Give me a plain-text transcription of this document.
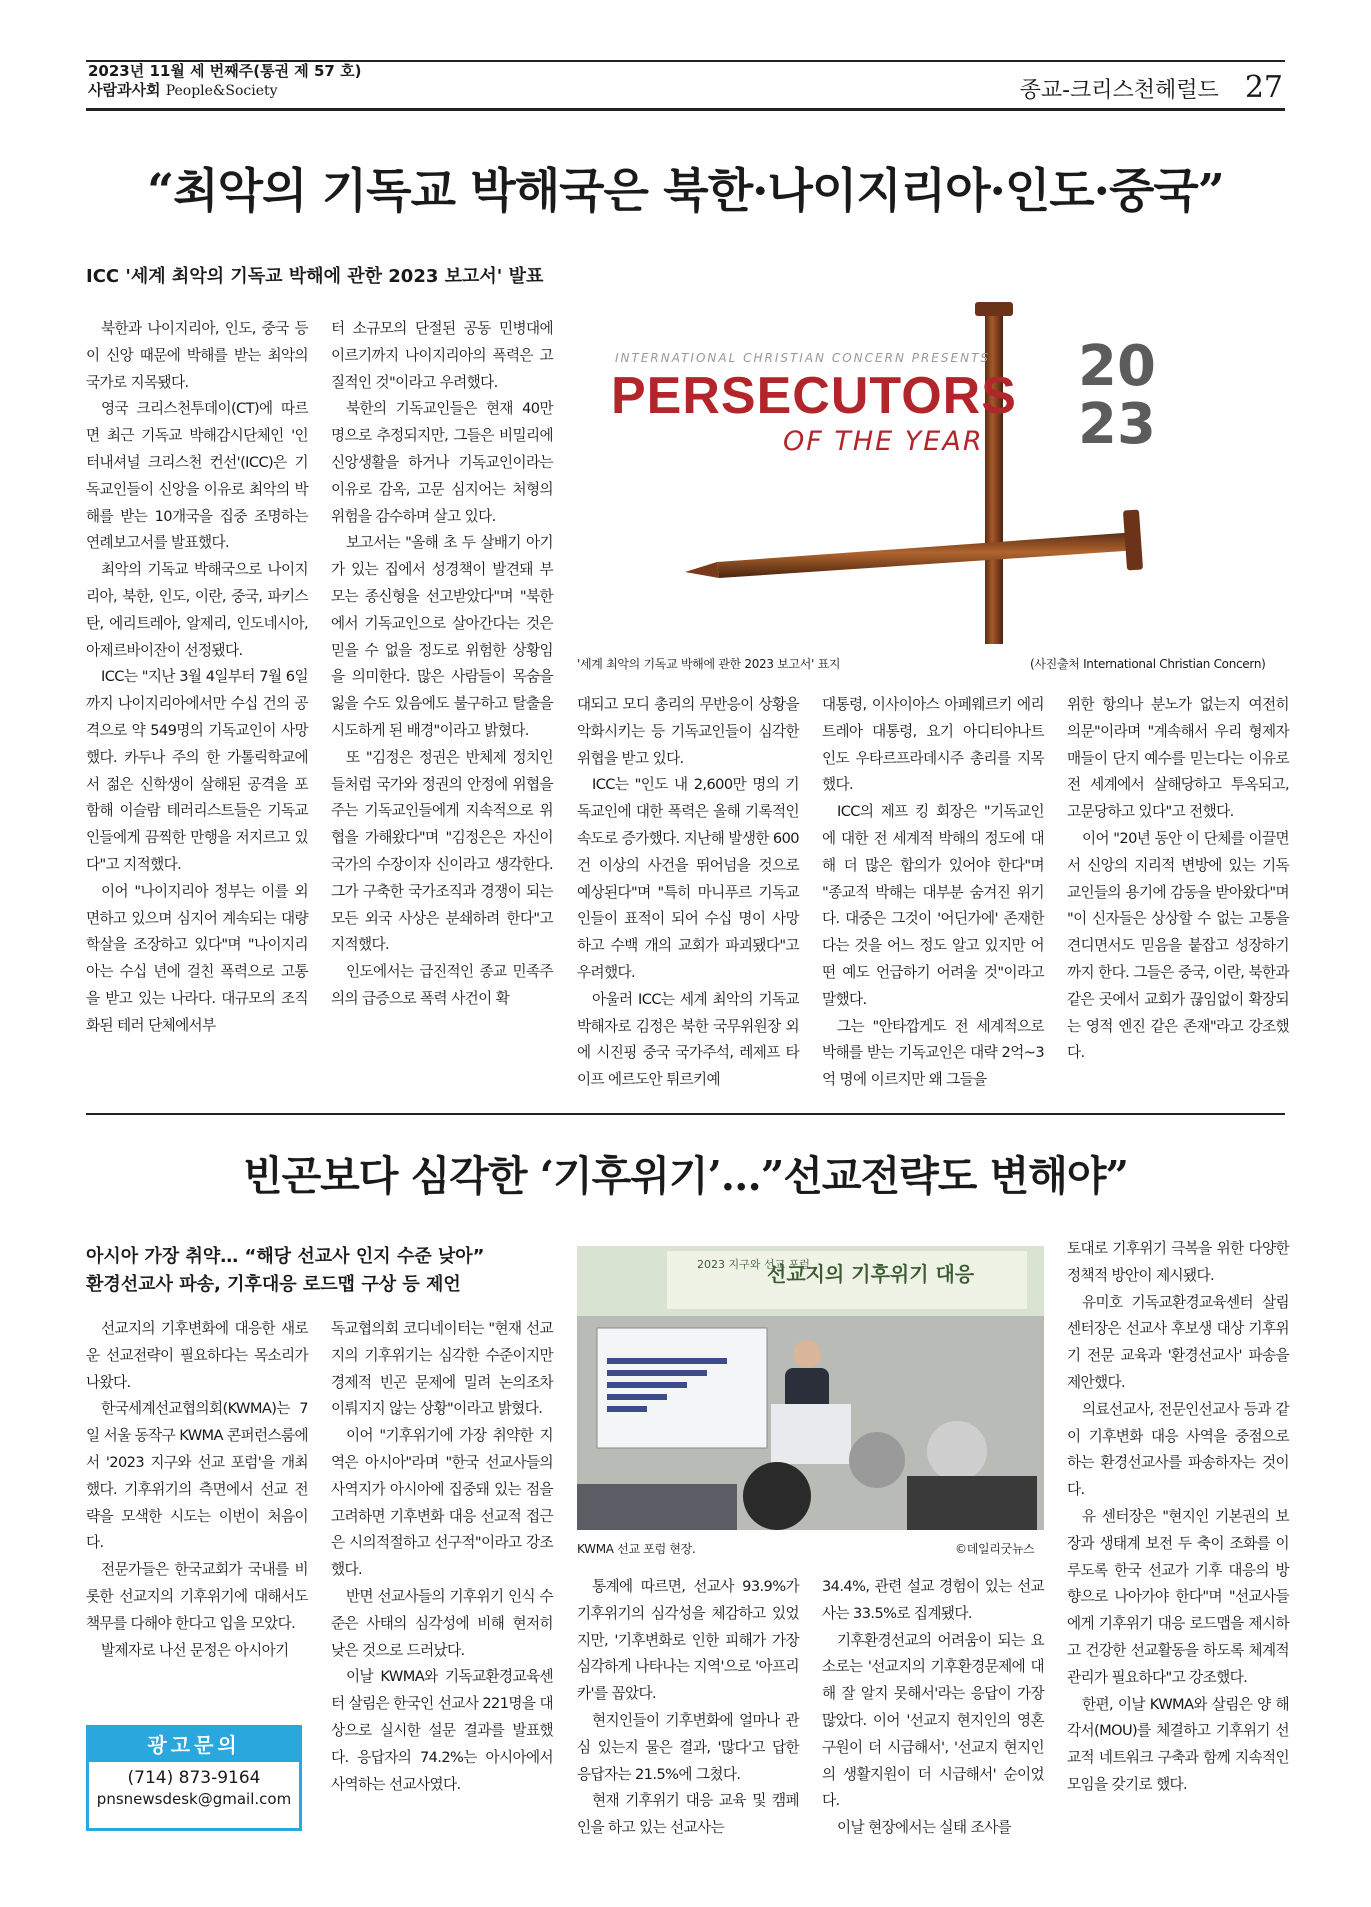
2023년 11월 세 번째주(통권 제 57 호)
사람과사회 People&Society	종교-크리스천헤럴드 27
“최악의 기독교 박해국은 북한·나이지리아·인도·중국”
ICC '세계 최악의 기독교 박해에 관한 2023 보고서' 발표

북한과 나이지리아, 인도, 중국 등이 신앙 때문에 박해를 받는 최악의 국가로 지목됐다.

영국 크리스천투데이(CT)에 따르면 최근 기독교 박해감시단체인 '인터내셔널 크리스천 컨선'(ICC)은 기독교인들이 신앙을 이유로 최악의 박해를 받는 10개국을 집중 조명하는 연례보고서를 발표했다.

최악의 기독교 박해국으로 나이지리아, 북한, 인도, 이란, 중국, 파키스탄, 에리트레아, 알제리, 인도네시아, 아제르바이잔이 선정됐다.

ICC는 "지난 3월 4일부터 7월 6일까지 나이지리아에서만 수십 건의 공격으로 약 549명의 기독교인이 사망했다. 카두나 주의 한 가톨릭학교에서 젊은 신학생이 살해된 공격을 포함해 이슬람 테러리스트들은 기독교인들에게 끔찍한 만행을 저지르고 있다"고 지적했다.

이어 "나이지리아 정부는 이를 외면하고 있으며 심지어 계속되는 대량학살을 조장하고 있다"며 "나이지리아는 수십 년에 걸친 폭력으로 고통을 받고 있는 나라다. 대규모의 조직화된 테러 단체에서부

터 소규모의 단절된 공동 민병대에 이르기까지 나이지리아의 폭력은 고질적인 것"이라고 우려했다.

북한의 기독교인들은 현재 40만 명으로 추정되지만, 그들은 비밀리에 신앙생활을 하거나 기독교인이라는 이유로 감옥, 고문 심지어는 처형의 위험을 감수하며 살고 있다.

보고서는 "올해 초 두 살배기 아기가 있는 집에서 성경책이 발견돼 부모는 종신형을 선고받았다"며 "북한에서 기독교인으로 살아간다는 것은 믿을 수 없을 정도로 위험한 상황임을 의미한다. 많은 사람들이 목숨을 잃을 수도 있음에도 불구하고 탈출을 시도하게 된 배경"이라고 밝혔다.

또 "김정은 정권은 반체제 정치인들처럼 국가와 정권의 안정에 위협을 주는 기독교인들에게 지속적으로 위협을 가해왔다"며 "김정은은 자신이 국가의 수장이자 신이라고 생각한다. 그가 구축한 국가조직과 경쟁이 되는 모든 외국 사상은 분쇄하려 한다"고 지적했다.

인도에서는 급진적인 종교 민족주의의 급증으로 폭력 사건이 확

INTERNATIONAL CHRISTIAN CONCERN PRESENTS
PERSECUTORS
OF THE YEAR
20
23
'세계 최악의 기독교 박해에 관한 2023 보고서' 표지	(사진출처 International Christian Concern)

대되고 모디 총리의 무반응이 상황을 악화시키는 등 기독교인들이 심각한 위협을 받고 있다.

ICC는 "인도 내 2,600만 명의 기독교인에 대한 폭력은 올해 기록적인 속도로 증가했다. 지난해 발생한 600건 이상의 사건을 뛰어넘을 것으로 예상된다"며 "특히 마니푸르 기독교인들이 표적이 되어 수십 명이 사망하고 수백 개의 교회가 파괴됐다"고 우려했다.

아울러 ICC는 세계 최악의 기독교 박해자로 김정은 북한 국무위원장 외에 시진핑 중국 국가주석, 레제프 타이프 에르도안 튀르키예

대통령, 이사이아스 아페웨르키 에리트레아 대통령, 요기 아디티야나트 인도 우타르프라데시주 총리를 지목했다.

ICC의 제프 킹 회장은 "기독교인에 대한 전 세계적 박해의 정도에 대해 더 많은 합의가 있어야 한다"며 "종교적 박해는 대부분 숨겨진 위기다. 대중은 그것이 '어딘가에' 존재한다는 것을 어느 정도 알고 있지만 어떤 예도 언급하기 어려울 것"이라고 말했다.

그는 "안타깝게도 전 세계적으로 박해를 받는 기독교인은 대략 2억~3억 명에 이르지만 왜 그들을

위한 항의나 분노가 없는지 여전히 의문"이라며 "계속해서 우리 형제자매들이 단지 예수를 믿는다는 이유로 전 세계에서 살해당하고 투옥되고, 고문당하고 있다"고 전했다.

이어 "20년 동안 이 단체를 이끌면서 신앙의 지리적 변방에 있는 기독교인들의 용기에 감동을 받아왔다"며 "이 신자들은 상상할 수 없는 고통을 견디면서도 믿음을 붙잡고 성장하기까지 한다. 그들은 중국, 이란, 북한과 같은 곳에서 교회가 끊임없이 확장되는 영적 엔진 같은 존재"라고 강조했다.

빈곤보다 심각한 ‘기후위기’…”선교전략도 변해야”
아시아 가장 취약… “해당 선교사 인지 수준 낮아”
환경선교사 파송, 기후대응 로드맵 구상 등 제언

선교지의 기후변화에 대응한 새로운 선교전략이 필요하다는 목소리가 나왔다.

한국세계선교협의회(KWMA)는 7일 서울 동작구 KWMA 콘퍼런스룸에서 '2023 지구와 선교 포럼'을 개최했다. 기후위기의 측면에서 선교 전략을 모색한 시도는 이번이 처음이다.

전문가들은 한국교회가 국내를 비롯한 선교지의 기후위기에 대해서도 책무를 다해야 한다고 입을 모았다.

발제자로 나선 문정은 아시아기

독교협의회 코디네이터는 "현재 선교지의 기후위기는 심각한 수준이지만 경제적 빈곤 문제에 밀려 논의조차 이뤄지지 않는 상황"이라고 밝혔다.

이어 "기후위기에 가장 취약한 지역은 아시아"라며 "한국 선교사들의 사역지가 아시아에 집중돼 있는 점을 고려하면 기후변화 대응 선교적 접근은 시의적절하고 선구적"이라고 강조했다.

반면 선교사들의 기후위기 인식 수준은 사태의 심각성에 비해 현저히 낮은 것으로 드러났다.

이날 KWMA와 기독교환경교육센터 살림은 한국인 선교사 221명을 대상으로 실시한 설문 결과를 발표했다. 응답자의 74.2%는 아시아에서 사역하는 선교사였다.

2023 지구와 선교 포럼
선교지의 기후위기 대응
KWMA 선교 포럼 현장.	©데일리굿뉴스

통계에 따르면, 선교사 93.9%가 기후위기의 심각성을 체감하고 있었지만, '기후변화로 인한 피해가 가장 심각하게 나타나는 지역'으로 '아프리카'를 꼽았다.

현지인들이 기후변화에 얼마나 관심 있는지 물은 결과, '많다'고 답한 응답자는 21.5%에 그쳤다.

현재 기후위기 대응 교육 및 캠페인을 하고 있는 선교사는

34.4%, 관련 설교 경험이 있는 선교사는 33.5%로 집계됐다.

기후환경선교의 어려움이 되는 요소로는 '선교지의 기후환경문제에 대해 잘 알지 못해서'라는 응답이 가장 많았다. 이어 '선교지 현지인의 영혼 구원이 더 시급해서', '선교지 현지인의 생활지원이 더 시급해서' 순이었다.

이날 현장에서는 실태 조사를

토대로 기후위기 극복을 위한 다양한 정책적 방안이 제시됐다.

유미호 기독교환경교육센터 살림 센터장은 선교사 후보생 대상 기후위기 전문 교육과 '환경선교사' 파송을 제안했다.

의료선교사, 전문인선교사 등과 같이 기후변화 대응 사역을 중점으로 하는 환경선교사를 파송하자는 것이다.

유 센터장은 "현지인 기본권의 보장과 생태계 보전 두 축이 조화를 이루도록 한국 선교가 기후 대응의 방향으로 나아가야 한다"며 "선교사들에게 기후위기 대응 로드맵을 제시하고 건강한 선교활동을 하도록 체계적 관리가 필요하다"고 강조했다.

한편, 이날 KWMA와 살림은 양 해각서(MOU)를 체결하고 기후위기 선교적 네트워크 구축과 함께 지속적인 모임을 갖기로 했다.

광고문의
(714) 873-9164
pnsnewsdesk@gmail.com
